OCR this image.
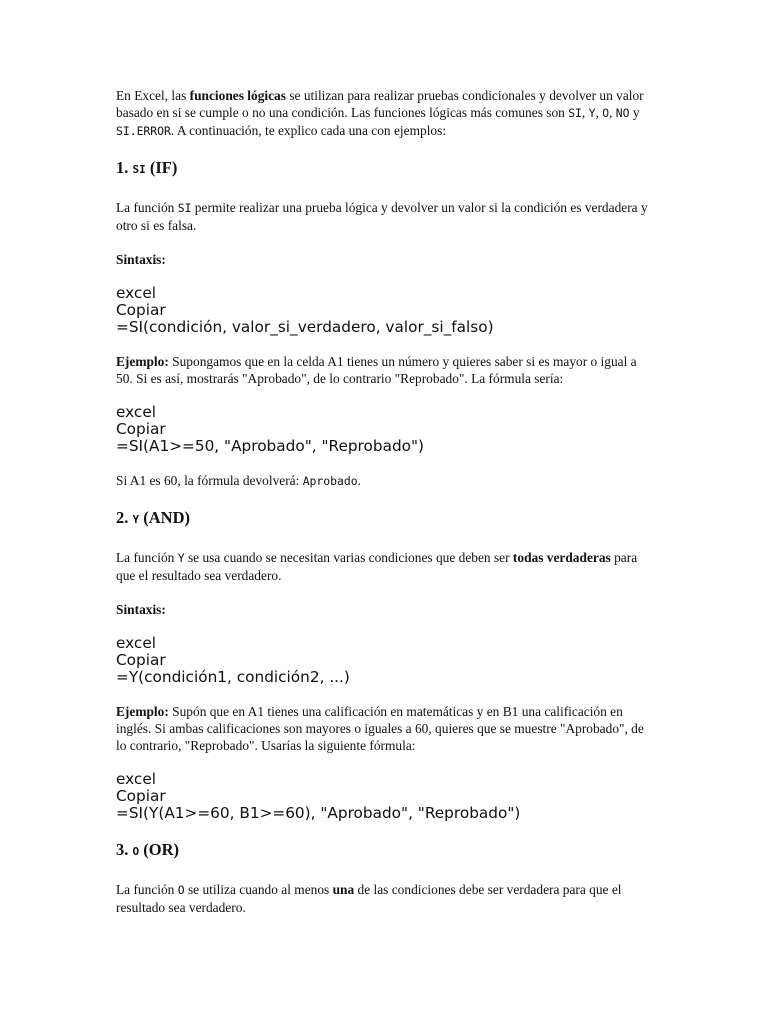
En Excel, las funciones lógicas se utilizan para realizar pruebas condicionales y devolver un valor basado en si se cumple o no una condición. Las funciones lógicas más comunes son SI, Y, O, NO y SI.ERROR. A continuación, te explico cada una con ejemplos:

1. SI (IF)

La función SI permite realizar una prueba lógica y devolver un valor si la condición es verdadera y otro si es falsa.

Sintaxis:

excel
Copiar
=SI(condición, valor_si_verdadero, valor_si_falso)

Ejemplo: Supongamos que en la celda A1 tienes un número y quieres saber si es mayor o igual a 50. Si es así, mostrarás "Aprobado", de lo contrario "Reprobado". La fórmula sería:

excel
Copiar
=SI(A1>=50, "Aprobado", "Reprobado")

Si A1 es 60, la fórmula devolverá: Aprobado.

2. Y (AND)

La función Y se usa cuando se necesitan varias condiciones que deben ser todas verdaderas para que el resultado sea verdadero.

Sintaxis:

excel
Copiar
=Y(condición1, condición2, ...)

Ejemplo: Supón que en A1 tienes una calificación en matemáticas y en B1 una calificación en inglés. Si ambas calificaciones son mayores o iguales a 60, quieres que se muestre "Aprobado", de lo contrario, "Reprobado". Usarías la siguiente fórmula:

excel
Copiar
=SI(Y(A1>=60, B1>=60), "Aprobado", "Reprobado")
3. O (OR)

La función O se utiliza cuando al menos una de las condiciones debe ser verdadera para que el resultado sea verdadero.
